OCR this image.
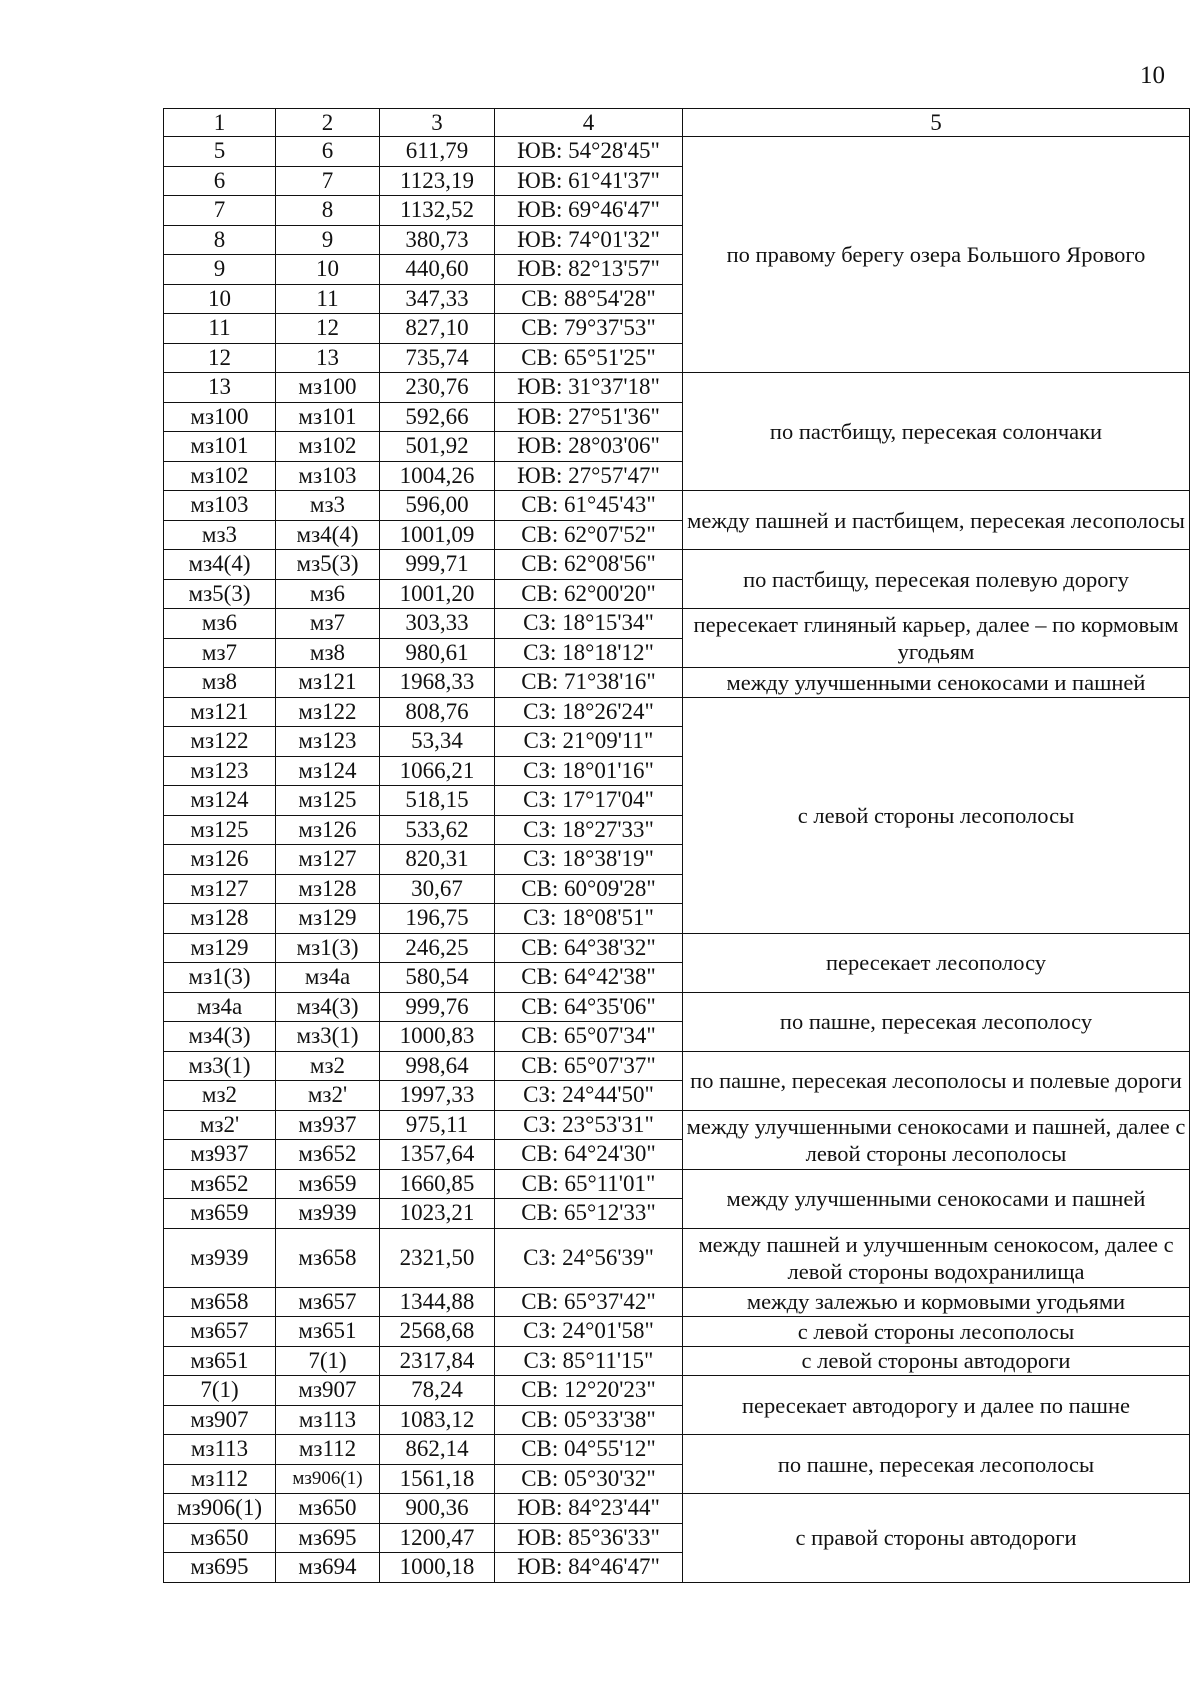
10
1	2	3	4	5
5	6	611,79	ЮВ: 54°28'45"	по правому берегу озера Большого Ярового
6	7	1123,19	ЮВ: 61°41'37"	
7	8	1132,52	ЮВ: 69°46'47"	
8	9	380,73	ЮВ: 74°01'32"	
9	10	440,60	ЮВ: 82°13'57"	
10	11	347,33	СВ: 88°54'28"	
11	12	827,10	СВ: 79°37'53"	
12	13	735,74	СВ: 65°51'25"	
13	мз100	230,76	ЮВ: 31°37'18"	по пастбищу, пересекая солончаки
мз100	мз101	592,66	ЮВ: 27°51'36"	
мз101	мз102	501,92	ЮВ: 28°03'06"	
мз102	мз103	1004,26	ЮВ: 27°57'47"	
мз103	мз3	596,00	СВ: 61°45'43"	между пашней и пастбищем, пересекая лесополосы
мз3	мз4(4)	1001,09	СВ: 62°07'52"	
мз4(4)	мз5(3)	999,71	СВ: 62°08'56"	по пастбищу, пересекая полевую дорогу
мз5(3)	мз6	1001,20	СВ: 62°00'20"	
мз6	мз7	303,33	СЗ: 18°15'34"	пересекает глиняный карьер, далее – по кормовым угодьям
мз7	мз8	980,61	СЗ: 18°18'12"	
мз8	мз121	1968,33	СВ: 71°38'16"	между улучшенными сенокосами и пашней
мз121	мз122	808,76	СЗ: 18°26'24"	с левой стороны лесополосы
мз122	мз123	53,34	СЗ: 21°09'11"	
мз123	мз124	1066,21	СЗ: 18°01'16"	
мз124	мз125	518,15	СЗ: 17°17'04"	
мз125	мз126	533,62	СЗ: 18°27'33"	
мз126	мз127	820,31	СЗ: 18°38'19"	
мз127	мз128	30,67	СВ: 60°09'28"	
мз128	мз129	196,75	СЗ: 18°08'51"	
мз129	мз1(3)	246,25	СВ: 64°38'32"	пересекает лесополосу
мз1(3)	мз4а	580,54	СВ: 64°42'38"	
мз4а	мз4(3)	999,76	СВ: 64°35'06"	по пашне, пересекая лесополосу
мз4(3)	мз3(1)	1000,83	СВ: 65°07'34"	
мз3(1)	мз2	998,64	СВ: 65°07'37"	по пашне, пересекая лесополосы и полевые дороги
мз2	мз2'	1997,33	СЗ: 24°44'50"	
мз2'	мз937	975,11	СЗ: 23°53'31"	между улучшенными сенокосами и пашней, далее с левой стороны лесополосы
мз937	мз652	1357,64	СВ: 64°24'30"	
мз652	мз659	1660,85	СВ: 65°11'01"	между улучшенными сенокосами и пашней
мз659	мз939	1023,21	СВ: 65°12'33"	
мз939	мз658	2321,50	СЗ: 24°56'39"	между пашней и улучшенным сенокосом, далее с левой стороны водохранилища
мз658	мз657	1344,88	СВ: 65°37'42"	между залежью и кормовыми угодьями
мз657	мз651	2568,68	СЗ: 24°01'58"	с левой стороны лесополосы
мз651	7(1)	2317,84	СЗ: 85°11'15"	с левой стороны автодороги
7(1)	мз907	78,24	СВ: 12°20'23"	пересекает автодорогу и далее по пашне
мз907	мз113	1083,12	СВ: 05°33'38"	
мз113	мз112	862,14	СВ: 04°55'12"	по пашне, пересекая лесополосы
мз112	мз906(1)	1561,18	СВ: 05°30'32"	
мз906(1)	мз650	900,36	ЮВ: 84°23'44"	с правой стороны автодороги
мз650	мз695	1200,47	ЮВ: 85°36'33"	
мз695	мз694	1000,18	ЮВ: 84°46'47"	
